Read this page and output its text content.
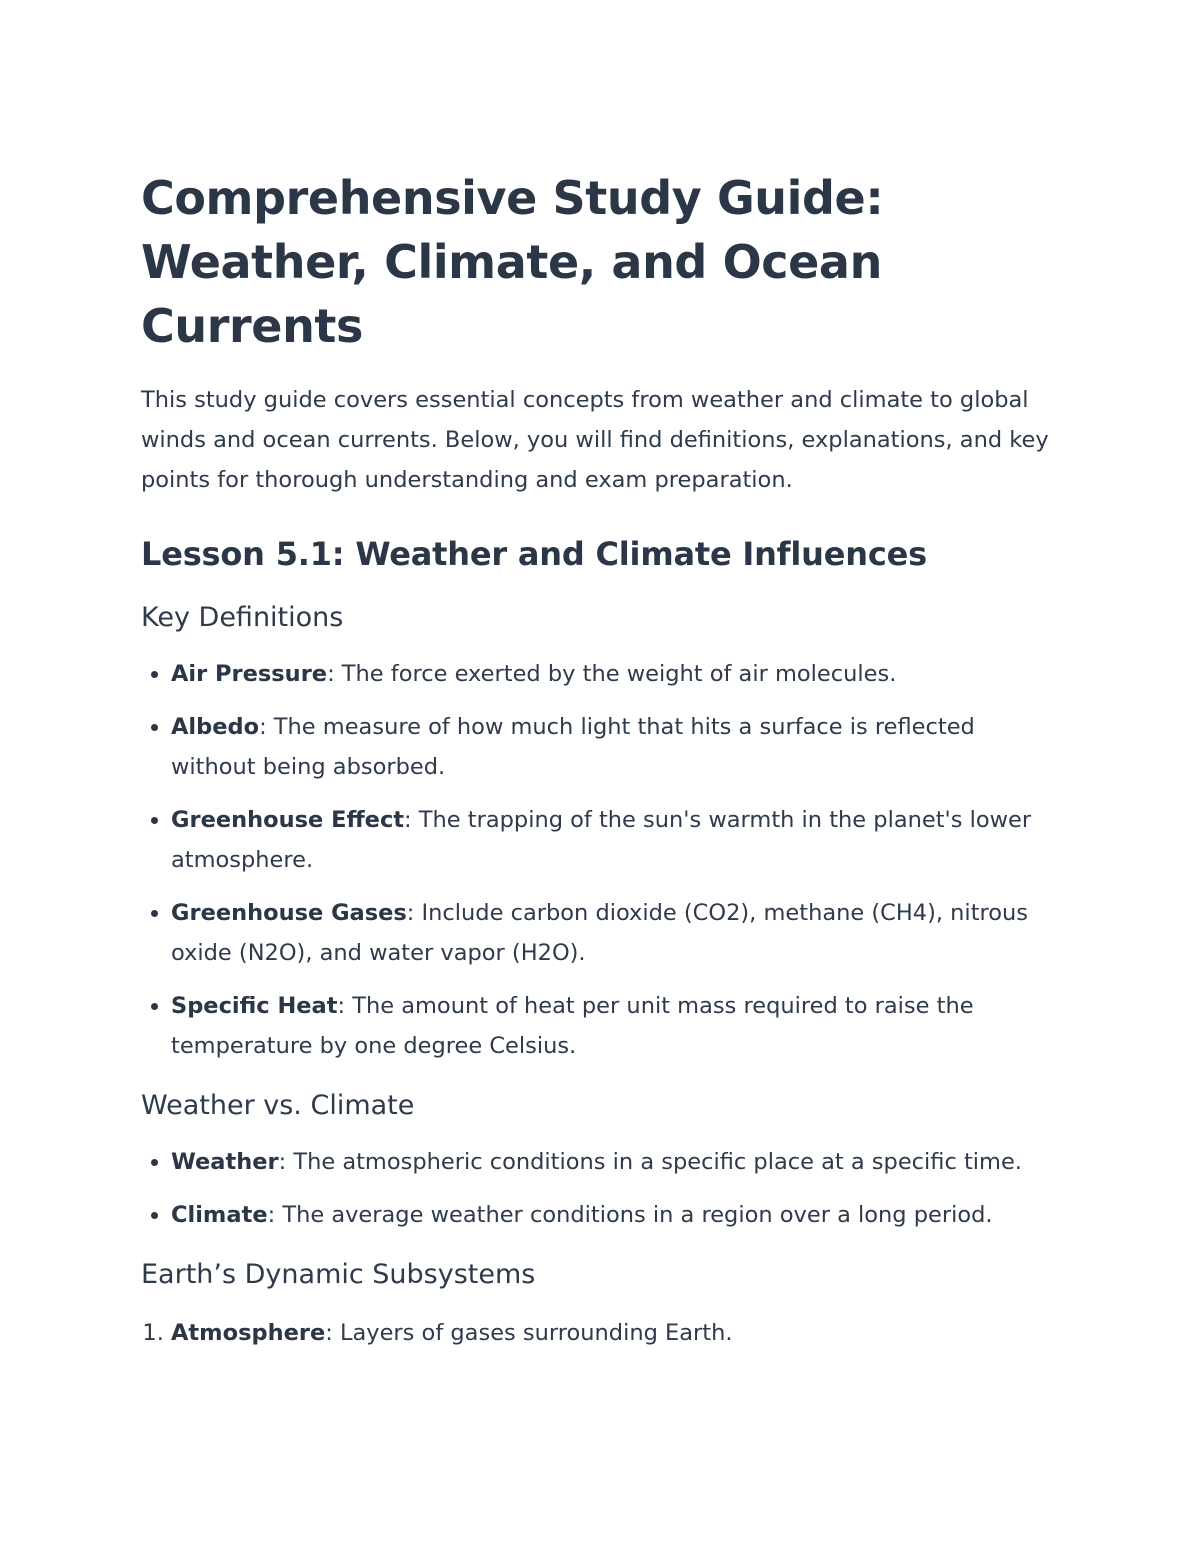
Comprehensive Study Guide: Weather, Climate, and Ocean Currents

This study guide covers essential concepts from weather and climate to global winds and ocean currents. Below, you will find definitions, explanations, and key points for thorough understanding and exam preparation.

Lesson 5.1: Weather and Climate Influences
Key Definitions
• Air Pressure: The force exerted by the weight of air molecules.
• Albedo: The measure of how much light that hits a surface is reflected without being absorbed.
• Greenhouse Effect: The trapping of the sun's warmth in the planet's lower atmosphere.
• Greenhouse Gases: Include carbon dioxide (CO2), methane (CH4), nitrous oxide (N2O), and water vapor (H2O).
• Specific Heat: The amount of heat per unit mass required to raise the temperature by one degree Celsius.
Weather vs. Climate
• Weather: The atmospheric conditions in a specific place at a specific time.
• Climate: The average weather conditions in a region over a long period.
Earth’s Dynamic Subsystems
1. Atmosphere: Layers of gases surrounding Earth.
